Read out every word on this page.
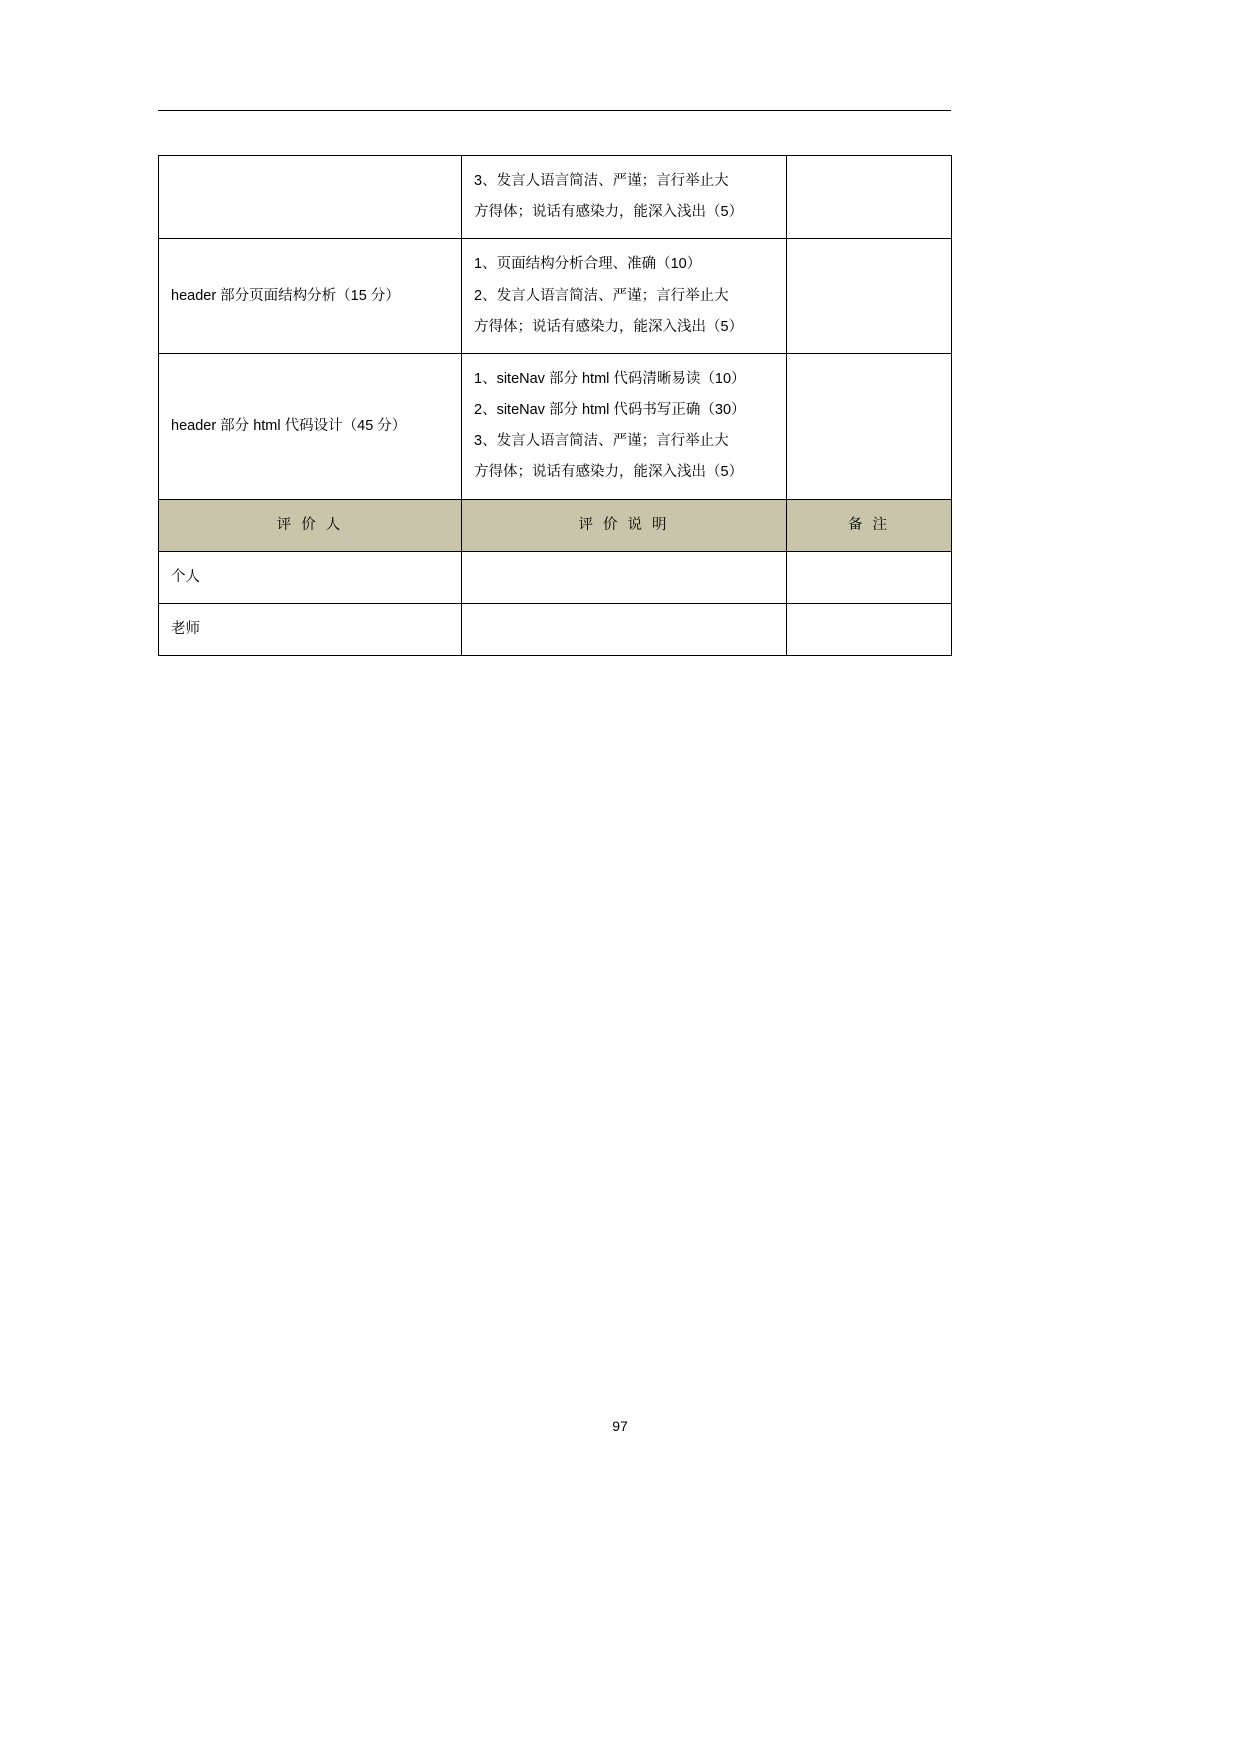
	3、发言人语言简洁、严谨；言行举止大

方得体；说话有感染力，能深入浅出（5）	

header 部分页面结构分析（15 分）	1、页面结构分析合理、准确（10）

2、发言人语言简洁、严谨；言行举止大

方得体；说话有感染力，能深入浅出（5）	

header 部分 html 代码设计（45 分）	1、siteNav 部分 html 代码清晰易读（10）

2、siteNav 部分 html 代码书写正确（30）

3、发言人语言简洁、严谨；言行举止大

方得体；说话有感染力，能深入浅出（5）	

评 价 人	评 价 说 明	备 注
个人		
老师		
97
